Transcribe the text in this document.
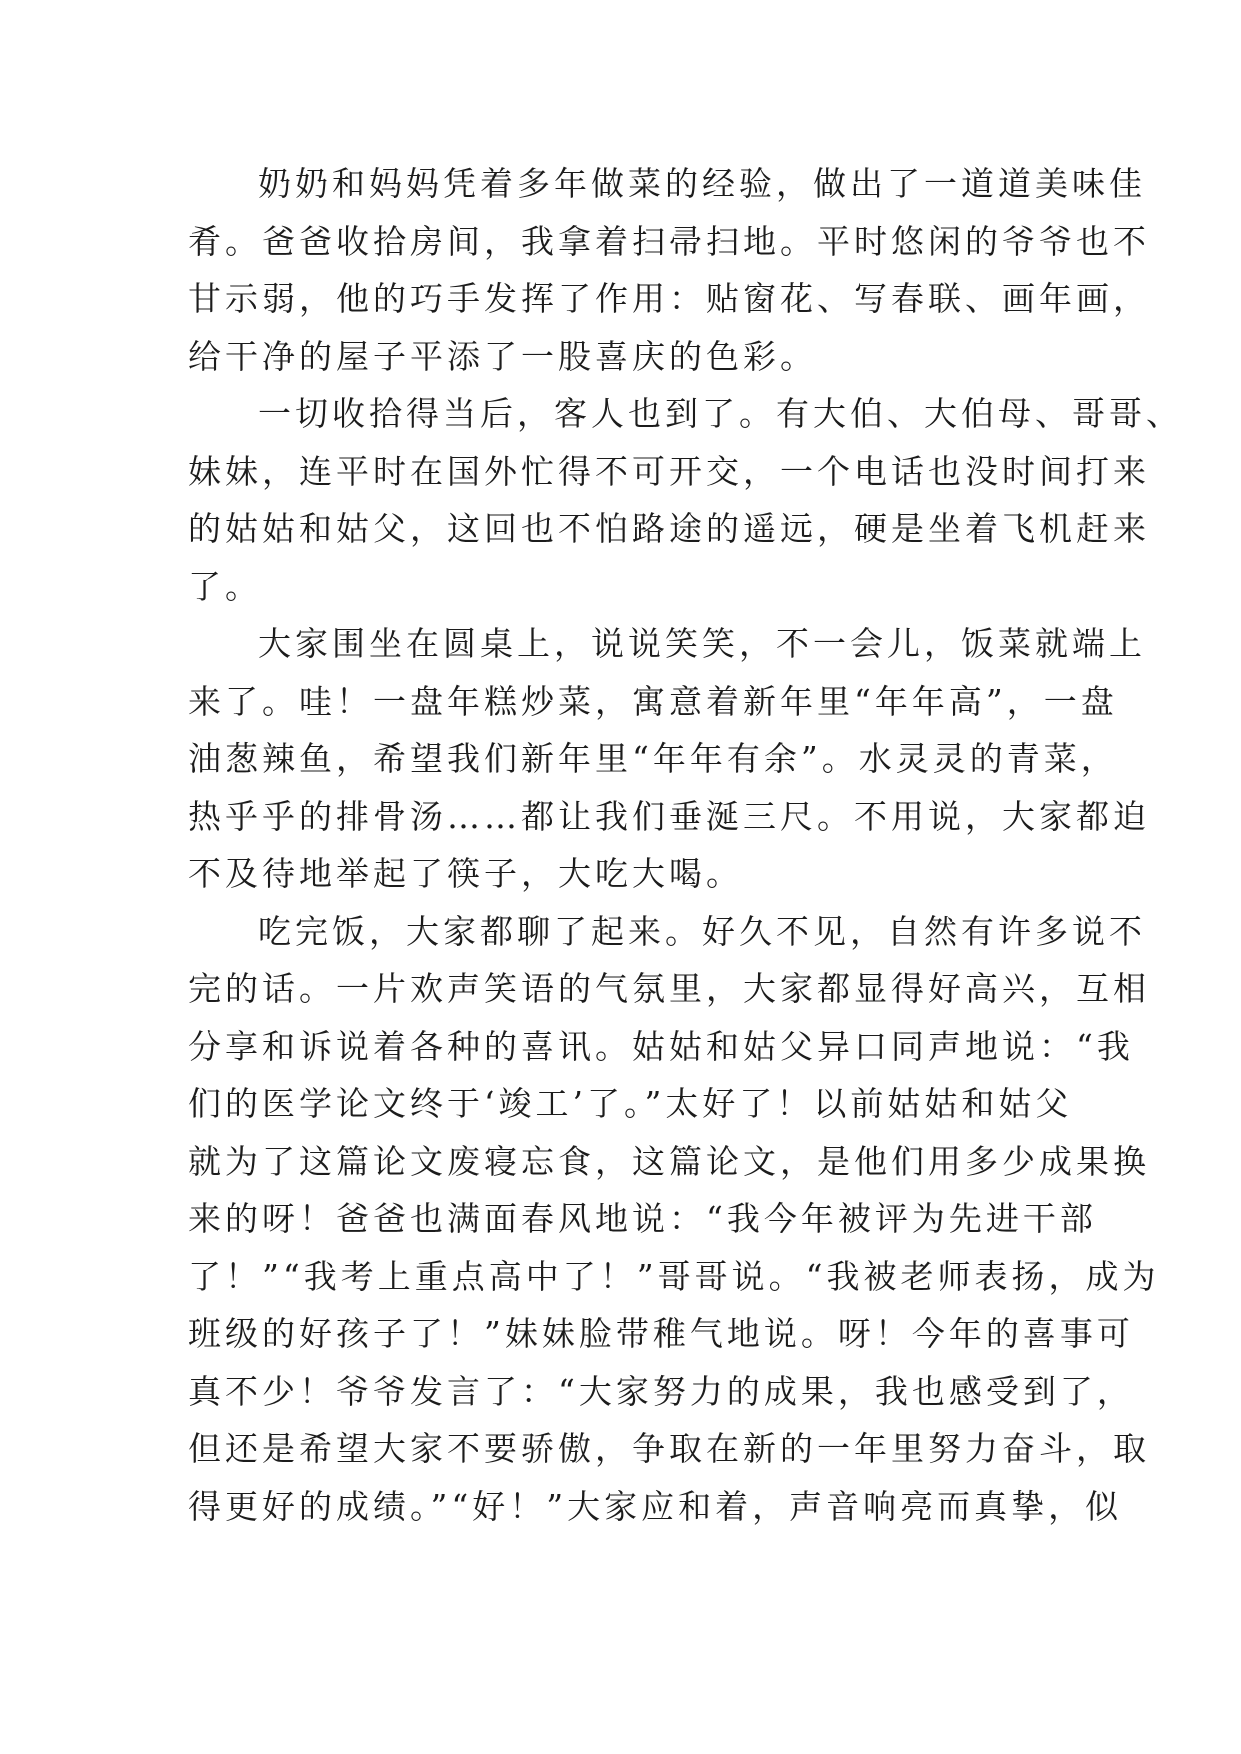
奶奶和妈妈凭着多年做菜的经验，做出了一道道美味佳
肴。爸爸收拾房间，我拿着扫帚扫地。平时悠闲的爷爷也不
甘示弱，他的巧手发挥了作用：贴窗花、写春联、画年画，
给干净的屋子平添了一股喜庆的色彩。
一切收拾得当后，客人也到了。有大伯、大伯母、哥哥、
妹妹，连平时在国外忙得不可开交，一个电话也没时间打来
的姑姑和姑父，这回也不怕路途的遥远，硬是坐着飞机赶来
了。
大家围坐在圆桌上，说说笑笑，不一会儿，饭菜就端上
来了。哇！一盘年糕炒菜，寓意着新年里“年年高”，一盘
油葱辣鱼，希望我们新年里“年年有余”。水灵灵的青菜，
热乎乎的排骨汤……都让我们垂涎三尺。不用说，大家都迫
不及待地举起了筷子，大吃大喝。
吃完饭，大家都聊了起来。好久不见，自然有许多说不
完的话。一片欢声笑语的气氛里，大家都显得好高兴，互相
分享和诉说着各种的喜讯。姑姑和姑父异口同声地说：“我
们的医学论文终于‘竣工’了。”太好了！以前姑姑和姑父
就为了这篇论文废寝忘食，这篇论文，是他们用多少成果换
来的呀！爸爸也满面春风地说：“我今年被评为先进干部
了！”“我考上重点高中了！”哥哥说。“我被老师表扬，成为
班级的好孩子了！”妹妹脸带稚气地说。呀！今年的喜事可
真不少！爷爷发言了：“大家努力的成果，我也感受到了，
但还是希望大家不要骄傲，争取在新的一年里努力奋斗，取
得更好的成绩。”“好！”大家应和着，声音响亮而真挚，似
